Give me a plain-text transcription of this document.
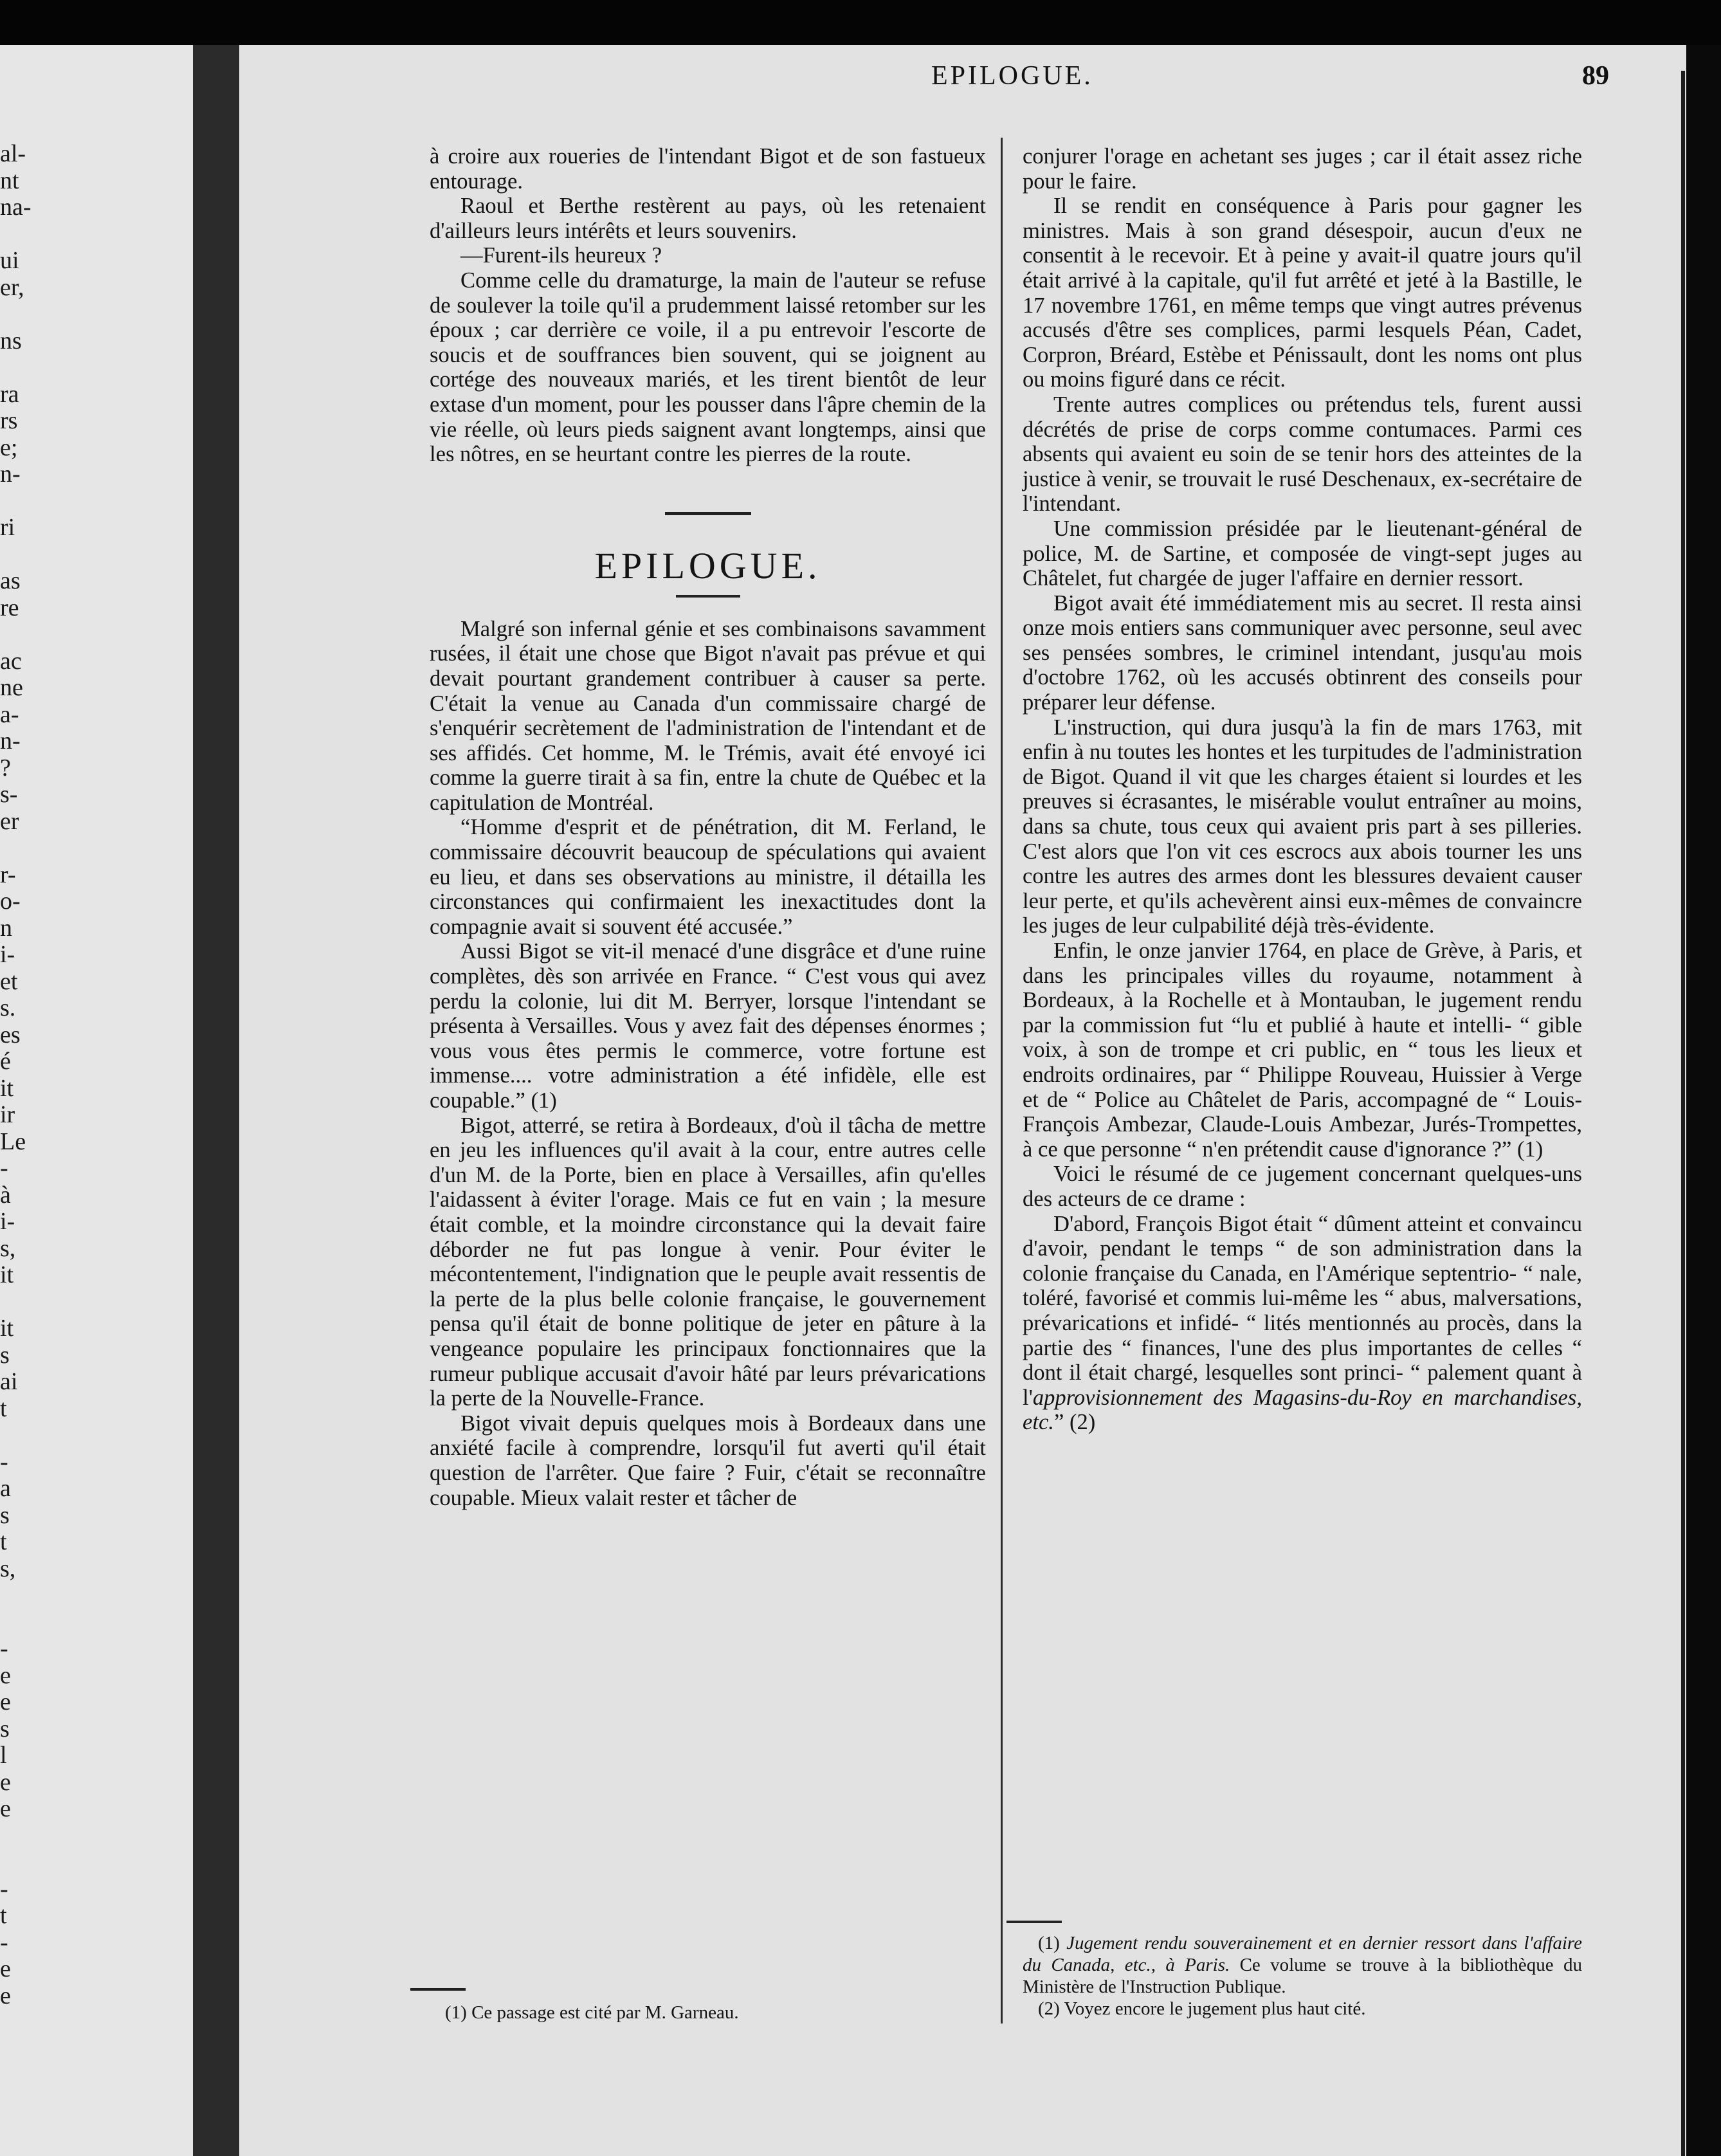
al-
nt
na-
ui
er,
ns
ra
rs
e;
n-
ri
as
re
ac
ne
a-
n-
?
s-
er
r-
o-
n
i-
et
s.
es
é
it
ir
Le
-
à
i-
s,
it
it
s
ai
t
-
a
s
t
s,
-
e
e
s
l
e
e
-
t
-
e
e
EPILOGUE.	89

à croire aux roueries de l'intendant Bigot et de son fastueux entourage.

Raoul et Berthe restèrent au pays, où les retenaient d'ailleurs leurs intérêts et leurs souvenirs.

—Furent-ils heureux ?

Comme celle du dramaturge, la main de l'auteur se refuse de soulever la toile qu'il a prudemment laissé retomber sur les époux ; car derrière ce voile, il a pu entrevoir l'escorte de soucis et de souffrances bien souvent, qui se joignent au cortége des nouveaux mariés, et les tirent bientôt de leur extase d'un moment, pour les pousser dans l'âpre chemin de la vie réelle, où leurs pieds saignent avant longtemps, ainsi que les nôtres, en se heurtant contre les pierres de la route.

EPILOGUE.

Malgré son infernal génie et ses combinaisons savamment rusées, il était une chose que Bigot n'avait pas prévue et qui devait pourtant grandement contribuer à causer sa perte. C'était la venue au Canada d'un commissaire chargé de s'enquérir secrètement de l'administration de l'intendant et de ses affidés. Cet homme, M. le Trémis, avait été envoyé ici comme la guerre tirait à sa fin, entre la chute de Québec et la capitulation de Montréal.

“Homme d'esprit et de pénétration, dit M. Ferland, le commissaire découvrit beaucoup de spéculations qui avaient eu lieu, et dans ses observations au ministre, il détailla les circonstances qui confirmaient les inexactitudes dont la compagnie avait si souvent été accusée.”

Aussi Bigot se vit-il menacé d'une disgrâce et d'une ruine complètes, dès son arrivée en France. “ C'est vous qui avez perdu la colonie, lui dit M. Berryer, lorsque l'intendant se présenta à Versailles. Vous y avez fait des dépenses énormes ; vous vous êtes permis le commerce, votre fortune est immense.... votre administration a été infidèle, elle est coupable.” (1)

Bigot, atterré, se retira à Bordeaux, d'où il tâcha de mettre en jeu les influences qu'il avait à la cour, entre autres celle d'un M. de la Porte, bien en place à Versailles, afin qu'elles l'aidassent à éviter l'orage. Mais ce fut en vain ; la mesure était comble, et la moindre circonstance qui la devait faire déborder ne fut pas longue à venir. Pour éviter le mécontentement, l'indignation que le peuple avait ressentis de la perte de la plus belle colonie française, le gouvernement pensa qu'il était de bonne politique de jeter en pâture à la vengeance populaire les principaux fonctionnaires que la rumeur publique accusait d'avoir hâté par leurs prévarications la perte de la Nouvelle-France.

Bigot vivait depuis quelques mois à Bordeaux dans une anxiété facile à comprendre, lorsqu'il fut averti qu'il était question de l'arrêter. Que faire ? Fuir, c'était se reconnaître coupable. Mieux valait rester et tâcher de

conjurer l'orage en achetant ses juges ; car il était assez riche pour le faire.

Il se rendit en conséquence à Paris pour gagner les ministres. Mais à son grand désespoir, aucun d'eux ne consentit à le recevoir. Et à peine y avait-il quatre jours qu'il était arrivé à la capitale, qu'il fut arrêté et jeté à la Bastille, le 17 novembre 1761, en même temps que vingt autres prévenus accusés d'être ses complices, parmi lesquels Péan, Cadet, Corpron, Bréard, Estèbe et Pénissault, dont les noms ont plus ou moins figuré dans ce récit.

Trente autres complices ou prétendus tels, furent aussi décrétés de prise de corps comme contumaces. Parmi ces absents qui avaient eu soin de se tenir hors des atteintes de la justice à venir, se trouvait le rusé Deschenaux, ex-secrétaire de l'intendant.

Une commission présidée par le lieutenant-général de police, M. de Sartine, et composée de vingt-sept juges au Châtelet, fut chargée de juger l'affaire en dernier ressort.

Bigot avait été immédiatement mis au secret. Il resta ainsi onze mois entiers sans communiquer avec personne, seul avec ses pensées sombres, le criminel intendant, jusqu'au mois d'octobre 1762, où les accusés obtinrent des conseils pour préparer leur défense.

L'instruction, qui dura jusqu'à la fin de mars 1763, mit enfin à nu toutes les hontes et les turpitudes de l'administration de Bigot. Quand il vit que les charges étaient si lourdes et les preuves si écrasantes, le misérable voulut entraîner au moins, dans sa chute, tous ceux qui avaient pris part à ses pilleries. C'est alors que l'on vit ces escrocs aux abois tourner les uns contre les autres des armes dont les blessures devaient causer leur perte, et qu'ils achevèrent ainsi eux-mêmes de convaincre les juges de leur culpabilité déjà très-évidente.

Enfin, le onze janvier 1764, en place de Grève, à Paris, et dans les principales villes du royaume, notamment à Bordeaux, à la Rochelle et à Montauban, le jugement rendu par la commission fut “lu et publié à haute et intelli- “ gible voix, à son de trompe et cri public, en “ tous les lieux et endroits ordinaires, par “ Philippe Rouveau, Huissier à Verge et de “ Police au Châtelet de Paris, accompagné de “ Louis-François Ambezar, Claude-Louis Ambezar, Jurés-Trompettes, à ce que personne “ n'en prétendit cause d'ignorance ?” (1)

Voici le résumé de ce jugement concernant quelques-uns des acteurs de ce drame :

D'abord, François Bigot était “ dûment atteint et convaincu d'avoir, pendant le temps “ de son administration dans la colonie française du Canada, en l'Amérique septentrio- “ nale, toléré, favorisé et commis lui-même les “ abus, malversations, prévarications et infidé- “ lités mentionnés au procès, dans la partie des “ finances, l'une des plus importantes de celles “ dont il était chargé, lesquelles sont princi- “ palement quant à l'approvisionnement des Magasins-du-Roy en marchandises, etc.” (2)

(1) Ce passage est cité par M. Garneau.

(1) Jugement rendu souverainement et en dernier ressort dans l'affaire du Canada, etc., à Paris. Ce volume se trouve à la bibliothèque du Ministère de l'Instruction Publique.

(2) Voyez encore le jugement plus haut cité.
